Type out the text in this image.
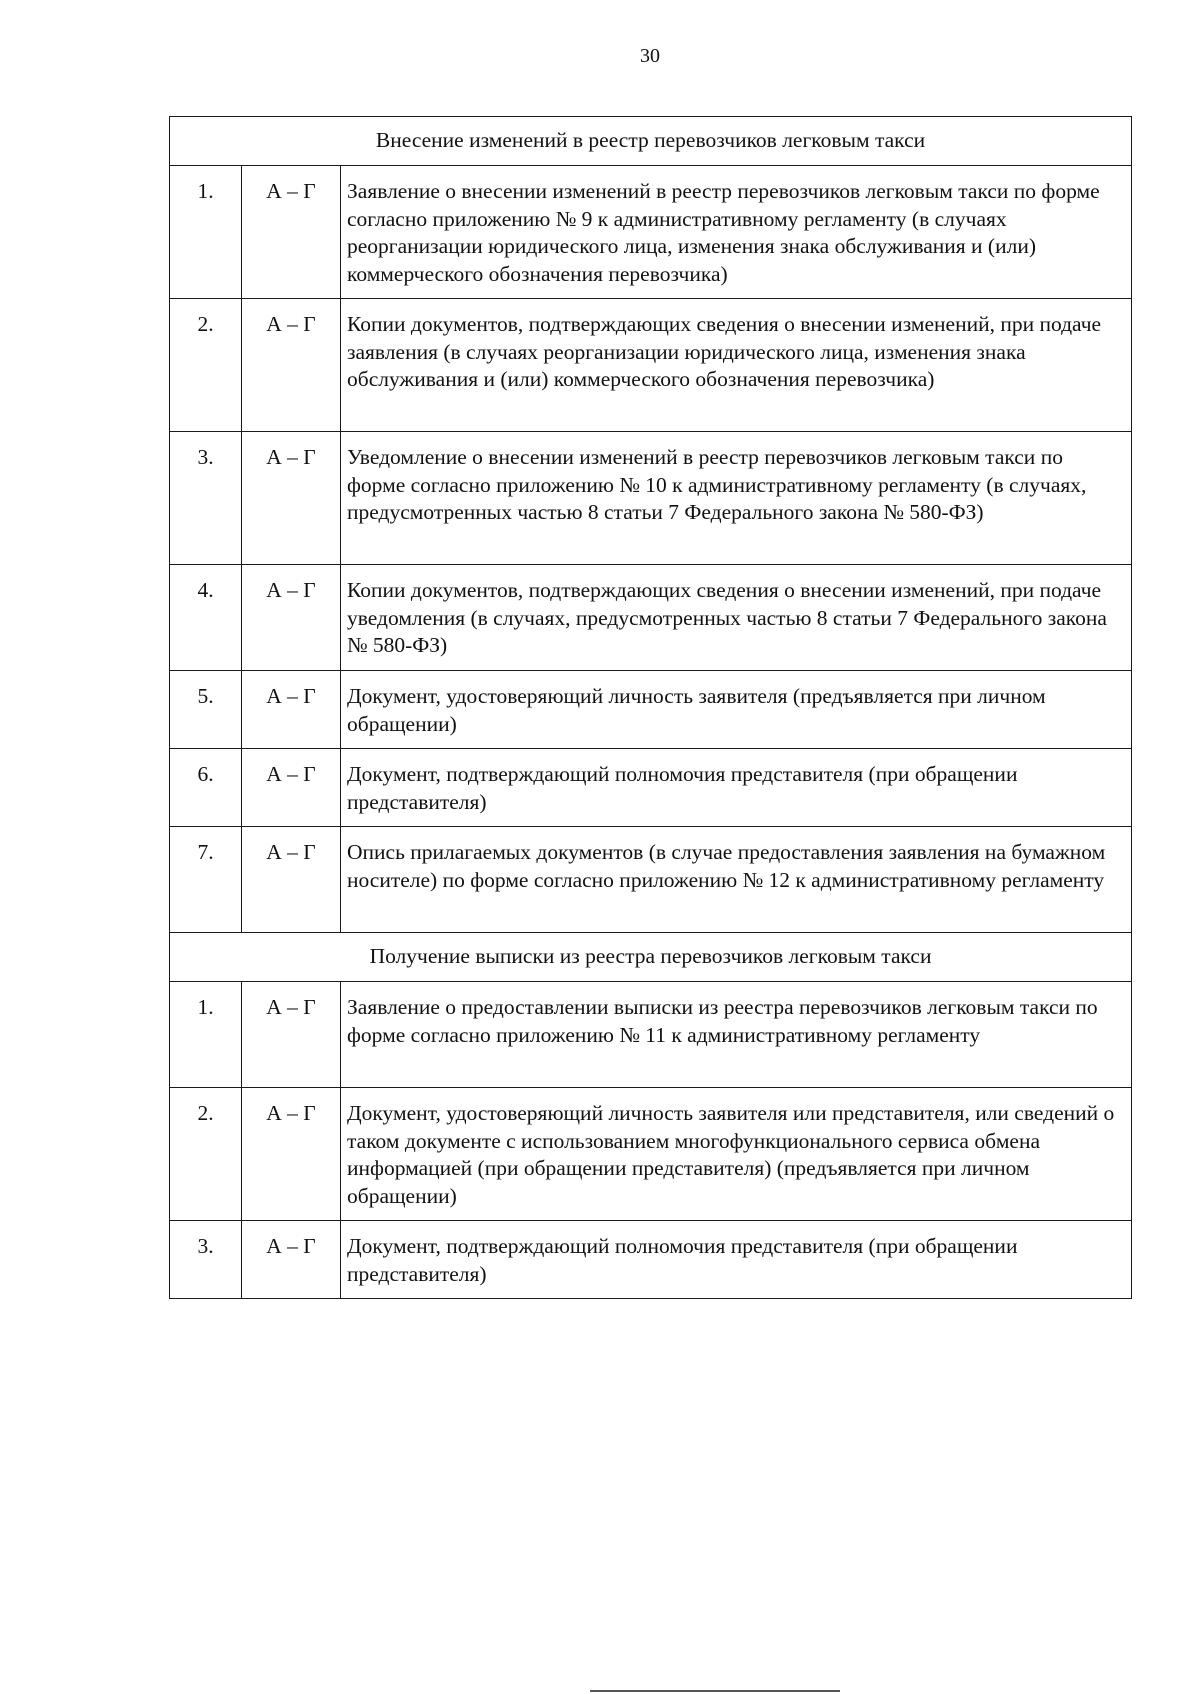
30
Внесение изменений в реестр перевозчиков легковым такси		
1.	А – Г	Заявление о внесении изменений в реестр перевозчиков легковым такси по форме согласно приложению № 9 к административному регламенту (в случаях реорганизации юридического лица, изменения знака обслуживания и (или) коммерческого обозначения перевозчика)
2.	А – Г	Копии документов, подтверждающих сведения о внесении изменений, при подаче заявления (в случаях реорганизации юридического лица, изменения знака обслуживания и (или) коммерческого обозначения перевозчика)
3.	А – Г	Уведомление о внесении изменений в реестр перевозчиков легковым такси по форме согласно приложению № 10 к административному регламенту (в случаях, предусмотренных частью 8 статьи 7 Федерального закона № 580-ФЗ)
4.	А – Г	Копии документов, подтверждающих сведения о внесении изменений, при подаче уведомления (в случаях, предусмотренных частью 8 статьи 7 Федерального закона № 580-ФЗ)
5.	А – Г	Документ, удостоверяющий личность заявителя (предъявляется при личном обращении)
6.	А – Г	Документ, подтверждающий полномочия представителя (при обращении представителя)
7.	А – Г	Опись прилагаемых документов (в случае предоставления заявления на бумажном носителе) по форме согласно приложению № 12 к административному регламенту
Получение выписки из реестра перевозчиков легковым такси		
1.	А – Г	Заявление о предоставлении выписки из реестра перевозчиков легковым такси по форме согласно приложению № 11 к административному регламенту
2.	А – Г	Документ, удостоверяющий личность заявителя или представителя, или сведений о таком документе с использованием многофункционального сервиса обмена информацией (при обращении представителя) (предъявляется при личном обращении)
3.	А – Г	Документ, подтверждающий полномочия представителя (при обращении представителя)
